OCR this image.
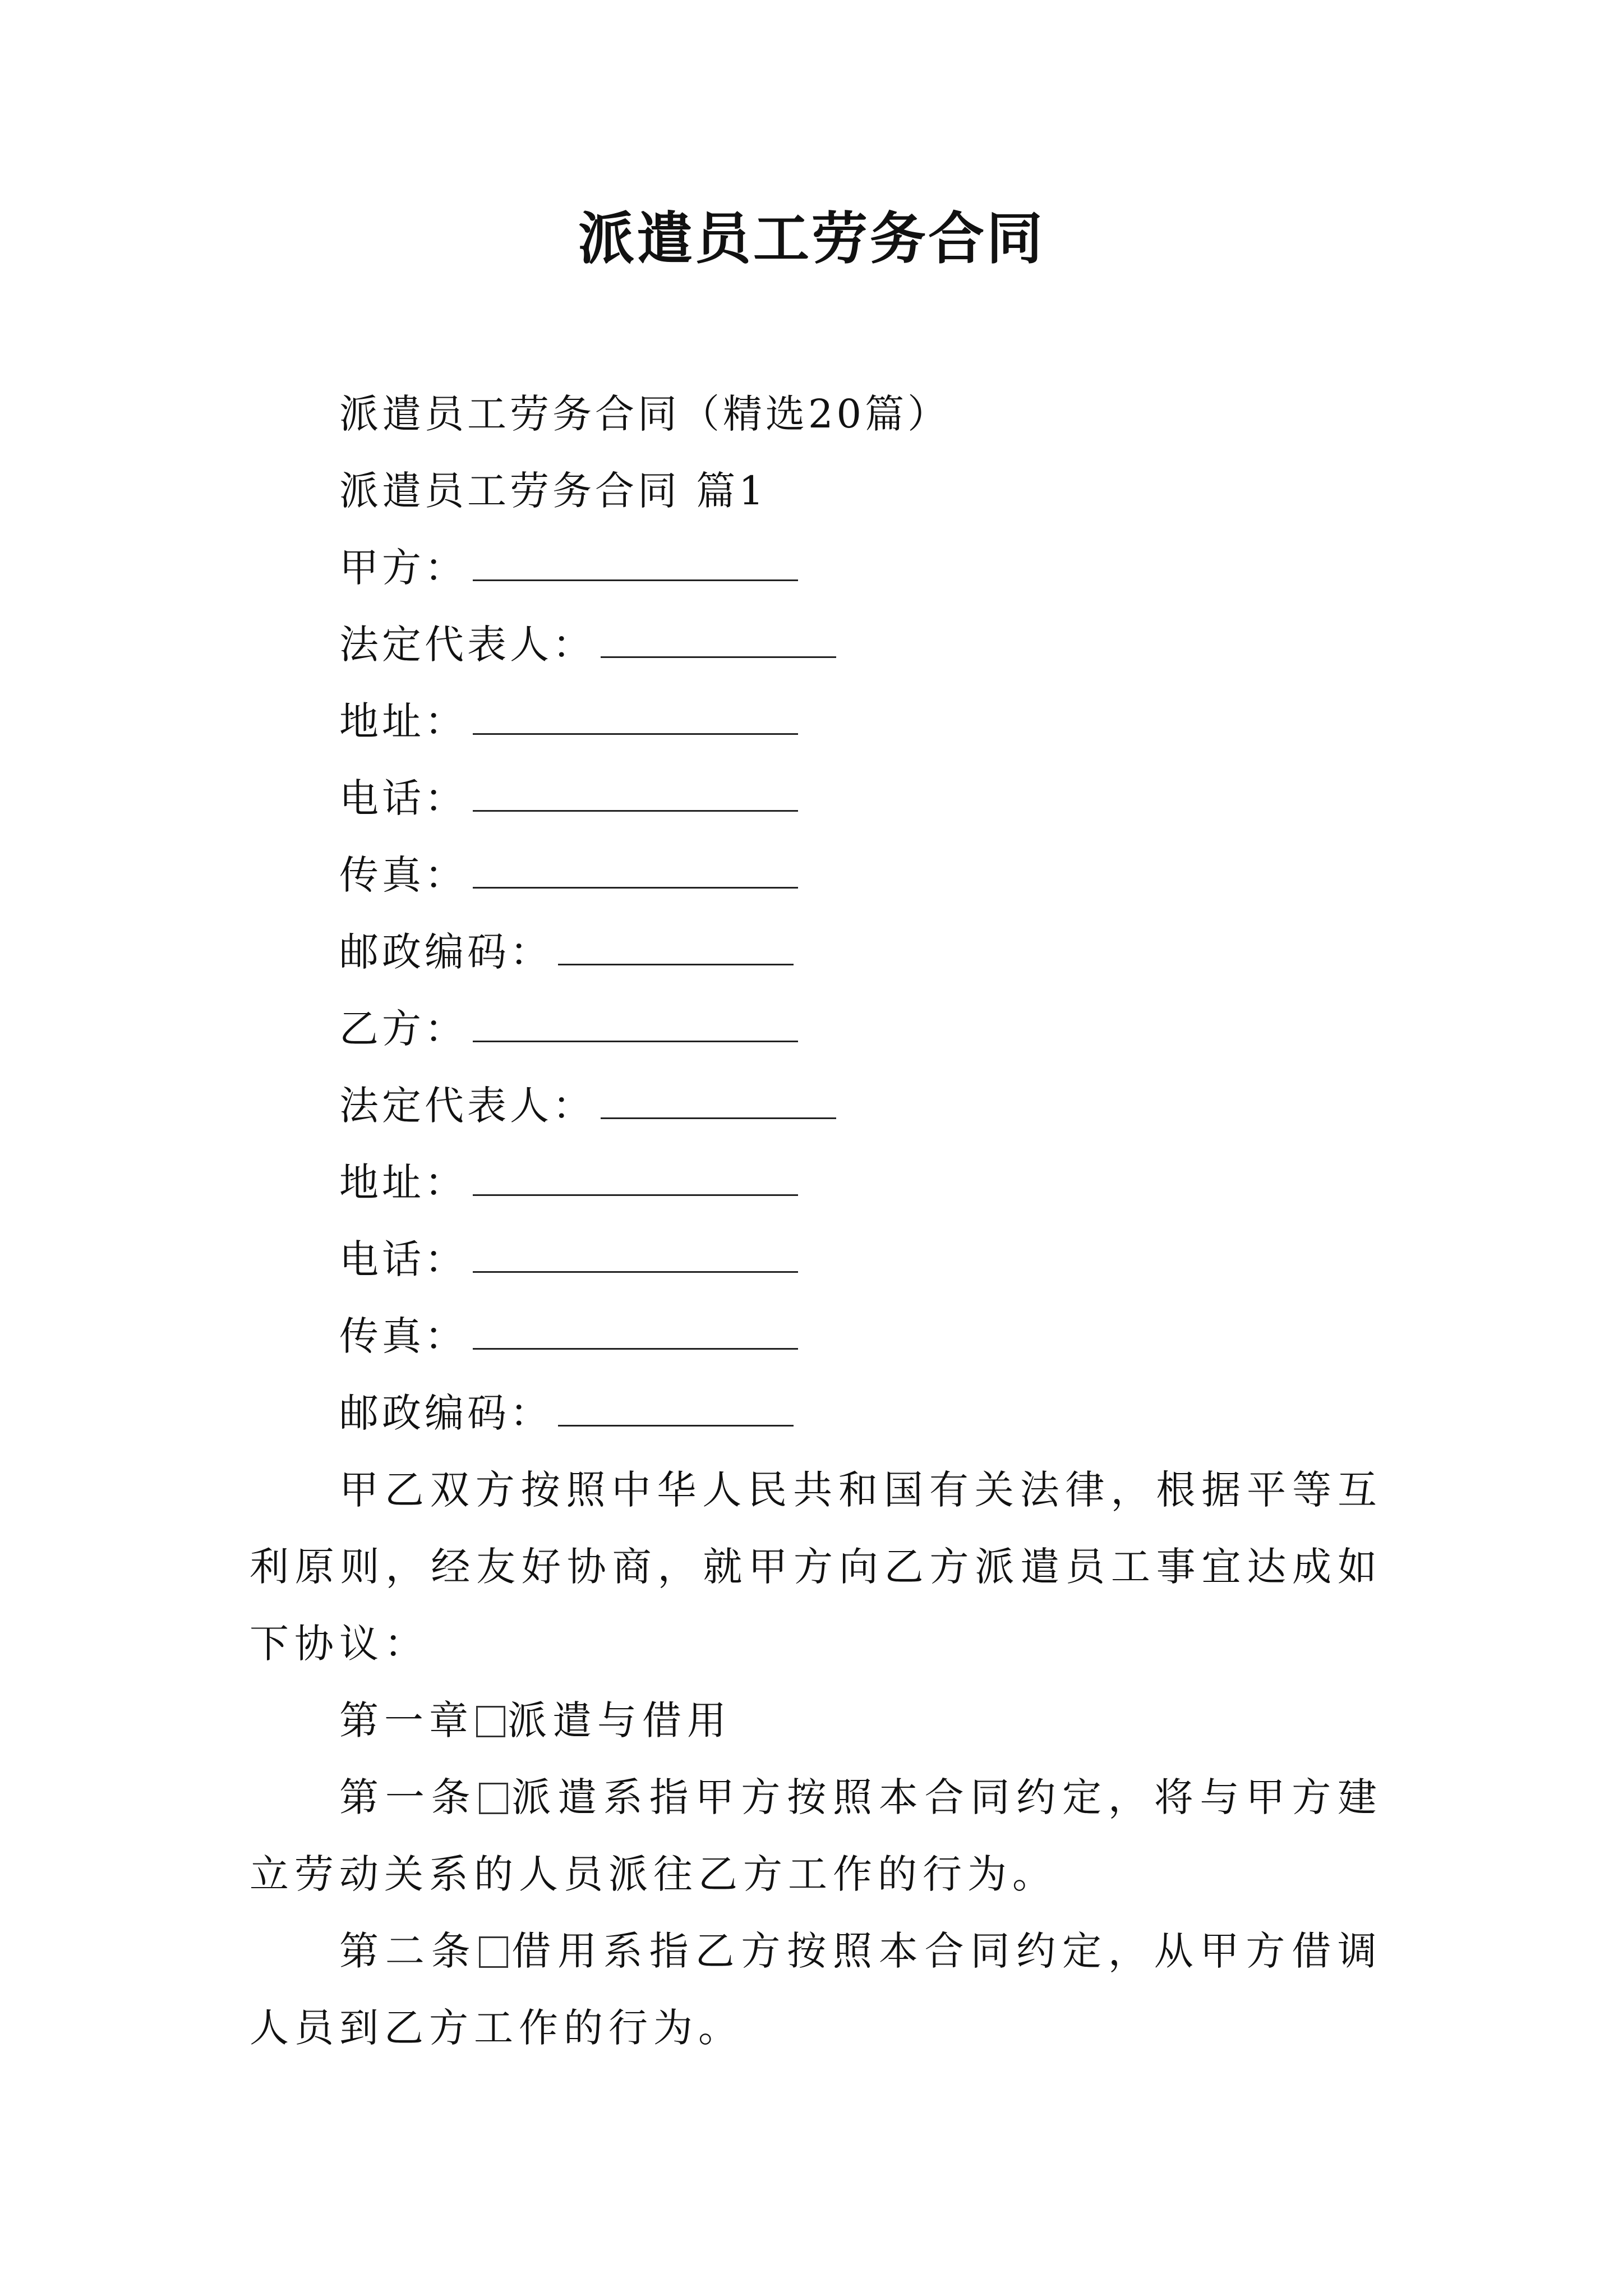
派遣员工劳务合同
派遣员工劳务合同（精选20篇）
派遣员工劳务合同 篇1
甲方：
法定代表人：
地址：
电话：
传真：
邮政编码：
乙方：
法定代表人：
地址：
电话：
传真：
邮政编码：

甲乙双方按照中华人民共和国有关法律，根据平等互利原则，经友好协商，就甲方向乙方派遣员工事宜达成如下协议：

第一章 派遣与借用

第一条 派遣系指甲方按照本合同约定，将与甲方建立劳动关系的人员派往乙方工作的行为。

第二条 借用系指乙方按照本合同约定，从甲方借调人员到乙方工作的行为。
